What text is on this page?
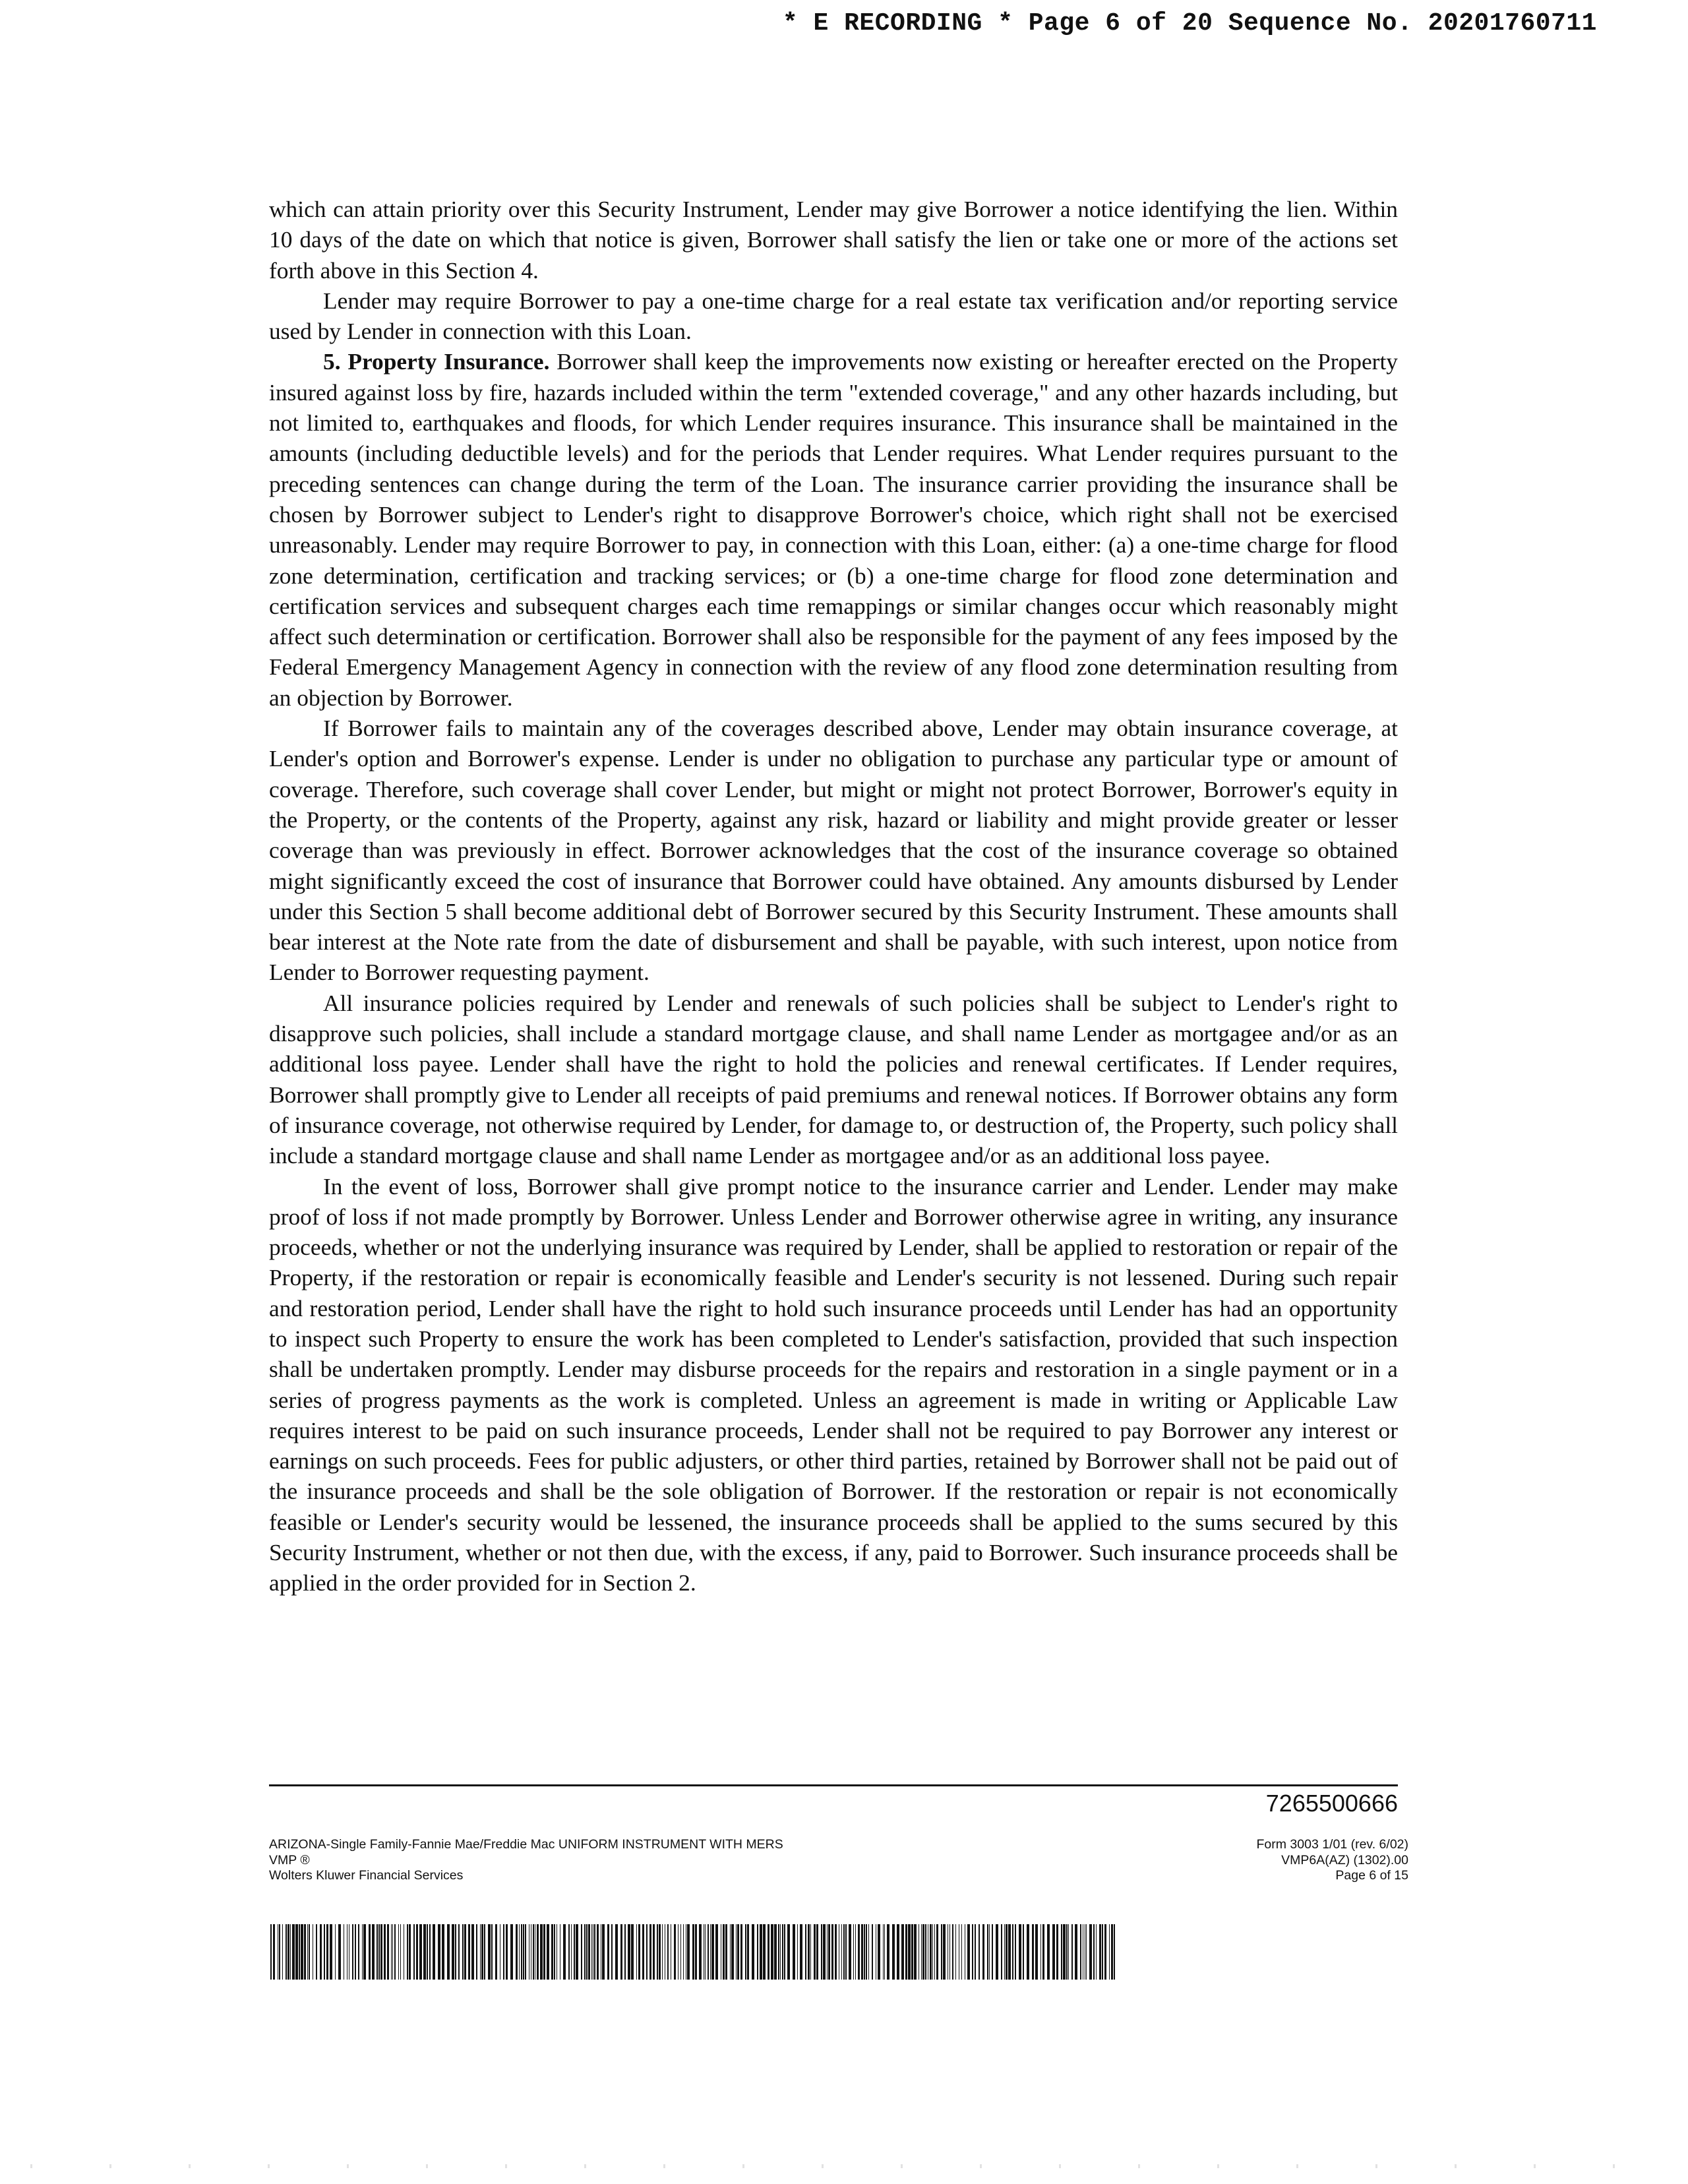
* E RECORDING * Page 6 of 20 Sequence No. 20201760711

which can attain priority over this Security Instrument, Lender may give Borrower a notice identifying the lien. Within 10 days of the date on which that notice is given, Borrower shall satisfy the lien or take one or more of the actions set forth above in this Section 4.

Lender may require Borrower to pay a one-time charge for a real estate tax verification and/or reporting service used by Lender in connection with this Loan.

5. Property Insurance. Borrower shall keep the improvements now existing or hereafter erected on the Property insured against loss by fire, hazards included within the term "extended coverage," and any other hazards including, but not limited to, earthquakes and floods, for which Lender requires insurance. This insurance shall be maintained in the amounts (including deductible levels) and for the periods that Lender requires. What Lender requires pursuant to the preceding sentences can change during the term of the Loan. The insurance carrier providing the insurance shall be chosen by Borrower subject to Lender's right to disapprove Borrower's choice, which right shall not be exercised unreasonably. Lender may require Borrower to pay, in connection with this Loan, either: (a) a one-time charge for flood zone determination, certification and tracking services; or (b) a one-time charge for flood zone determination and certification services and subsequent charges each time remappings or similar changes occur which reasonably might affect such determination or certification. Borrower shall also be responsible for the payment of any fees imposed by the Federal Emergency Management Agency in connection with the review of any flood zone determination resulting from an objection by Borrower.

If Borrower fails to maintain any of the coverages described above, Lender may obtain insurance coverage, at Lender's option and Borrower's expense. Lender is under no obligation to purchase any particular type or amount of coverage. Therefore, such coverage shall cover Lender, but might or might not protect Borrower, Borrower's equity in the Property, or the contents of the Property, against any risk, hazard or liability and might provide greater or lesser coverage than was previously in effect. Borrower acknowledges that the cost of the insurance coverage so obtained might significantly exceed the cost of insurance that Borrower could have obtained. Any amounts disbursed by Lender under this Section 5 shall become additional debt of Borrower secured by this Security Instrument. These amounts shall bear interest at the Note rate from the date of disbursement and shall be payable, with such interest, upon notice from Lender to Borrower requesting payment.

All insurance policies required by Lender and renewals of such policies shall be subject to Lender's right to disapprove such policies, shall include a standard mortgage clause, and shall name Lender as mortgagee and/or as an additional loss payee. Lender shall have the right to hold the policies and renewal certificates. If Lender requires, Borrower shall promptly give to Lender all receipts of paid premiums and renewal notices. If Borrower obtains any form of insurance coverage, not otherwise required by Lender, for damage to, or destruction of, the Property, such policy shall include a standard mortgage clause and shall name Lender as mortgagee and/or as an additional loss payee.

In the event of loss, Borrower shall give prompt notice to the insurance carrier and Lender. Lender may make proof of loss if not made promptly by Borrower. Unless Lender and Borrower otherwise agree in writing, any insurance proceeds, whether or not the underlying insurance was required by Lender, shall be applied to restoration or repair of the Property, if the restoration or repair is economically feasible and Lender's security is not lessened. During such repair and restoration period, Lender shall have the right to hold such insurance proceeds until Lender has had an opportunity to inspect such Property to ensure the work has been completed to Lender's satisfaction, provided that such inspection shall be undertaken promptly. Lender may disburse proceeds for the repairs and restoration in a single payment or in a series of progress payments as the work is completed. Unless an agreement is made in writing or Applicable Law requires interest to be paid on such insurance proceeds, Lender shall not be required to pay Borrower any interest or earnings on such proceeds. Fees for public adjusters, or other third parties, retained by Borrower shall not be paid out of the insurance proceeds and shall be the sole obligation of Borrower. If the restoration or repair is not economically feasible or Lender's security would be lessened, the insurance proceeds shall be applied to the sums secured by this Security Instrument, whether or not then due, with the excess, if any, paid to Borrower. Such insurance proceeds shall be applied in the order provided for in Section 2.

7265500666
ARIZONA-Single Family-Fannie Mae/Freddie Mac UNIFORM INSTRUMENT WITH MERS
VMP ®
Wolters Kluwer Financial Services
Form 3003 1/01 (rev. 6/02)
VMP6A(AZ) (1302).00
Page 6 of 15
